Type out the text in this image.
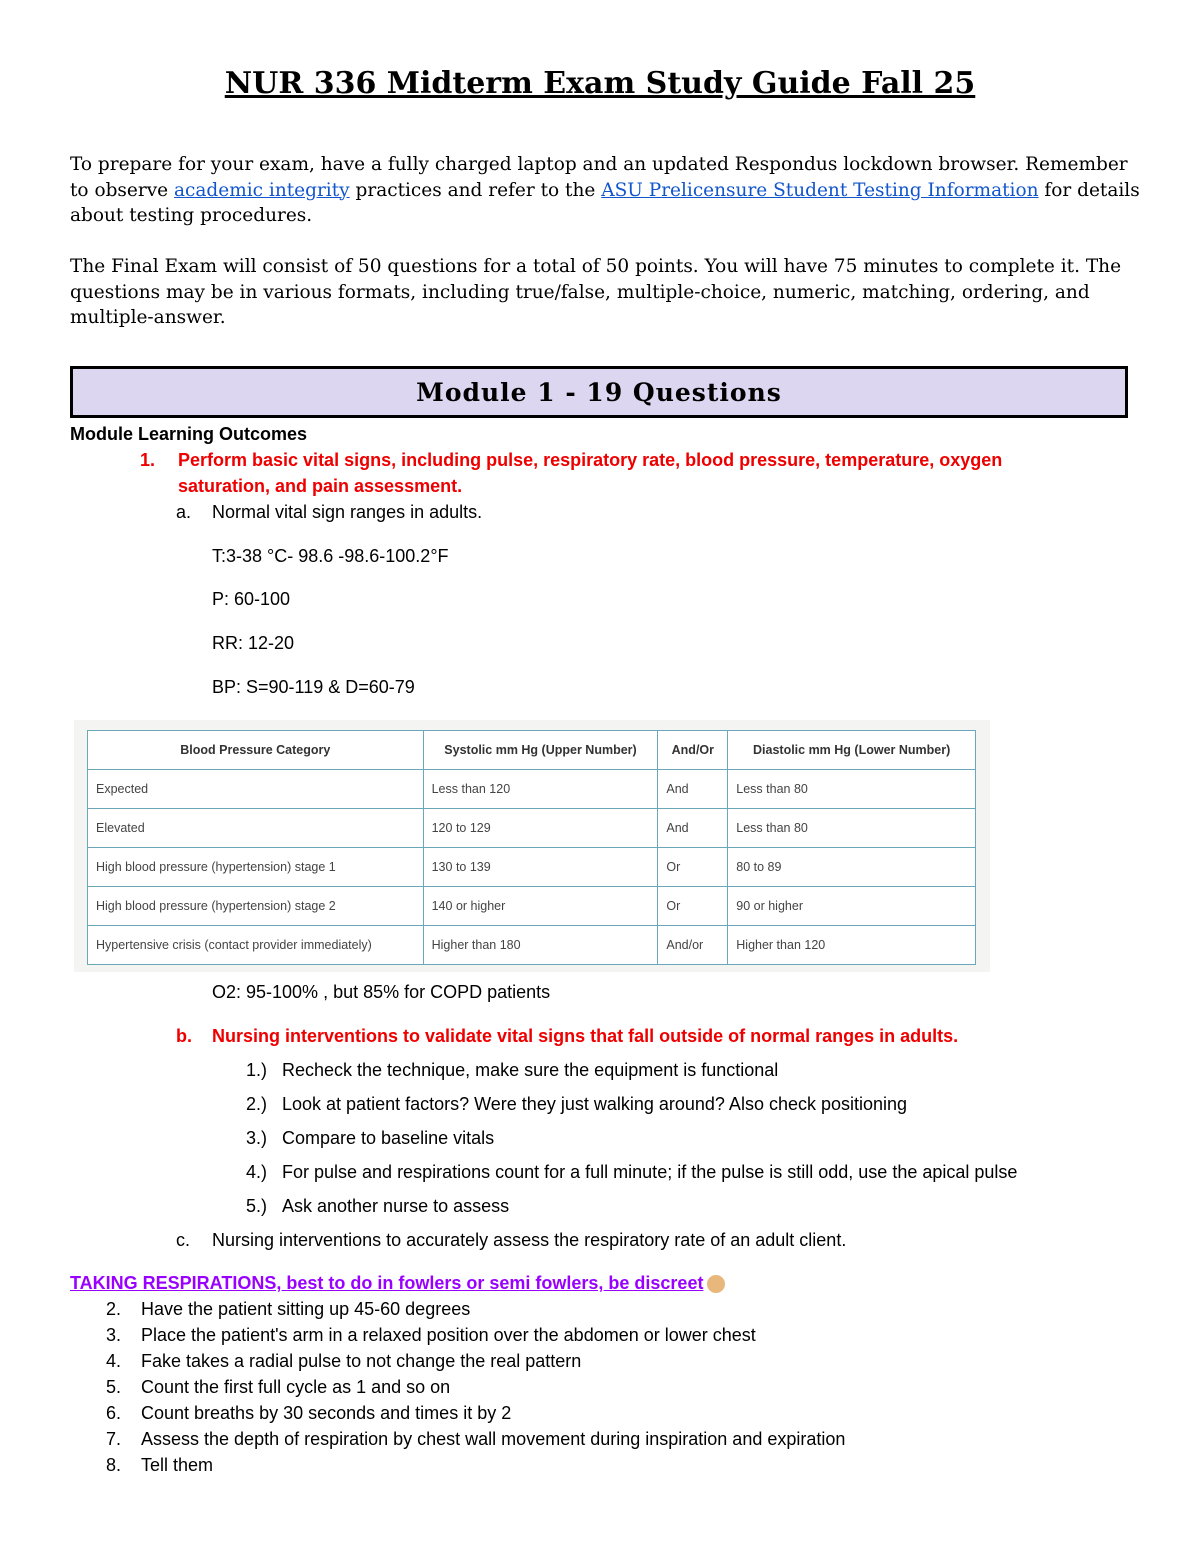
NUR 336 Midterm Exam Study Guide Fall 25
To prepare for your exam, have a fully charged laptop and an updated Respondus lockdown browser. Remember to observe academic integrity practices and refer to the ASU Prelicensure Student Testing Information for details about testing procedures.
The Final Exam will consist of 50 questions for a total of 50 points. You will have 75 minutes to complete it. The questions may be in various formats, including true/false, multiple-choice, numeric, matching, ordering, and multiple-answer.
Module 1 - 19 Questions
Module Learning Outcomes
1. Perform basic vital signs, including pulse, respiratory rate, blood pressure, temperature, oxygen
saturation, and pain assessment.
a. Normal vital sign ranges in adults.
T:3-38 °C- 98.6 -98.6-100.2°F
P: 60-100
RR: 12-20
BP: S=90-119 & D=60-79
Blood Pressure Category	Systolic mm Hg (Upper Number)	And/Or	Diastolic mm Hg (Lower Number)
Expected	Less than 120	And	Less than 80
Elevated	120 to 129	And	Less than 80
High blood pressure (hypertension) stage 1	130 to 139	Or	80 to 89
High blood pressure (hypertension) stage 2	140 or higher	Or	90 or higher
Hypertensive crisis (contact provider immediately)	Higher than 180	And/or	Higher than 120
O2: 95-100% , but 85% for COPD patients
b. Nursing interventions to validate vital signs that fall outside of normal ranges in adults.
1.) Recheck the technique, make sure the equipment is functional
2.) Look at patient factors? Were they just walking around? Also check positioning
3.) Compare to baseline vitals
4.) For pulse and respirations count for a full minute; if the pulse is still odd, use the apical pulse
5.) Ask another nurse to assess
c. Nursing interventions to accurately assess the respiratory rate of an adult client.
TAKING RESPIRATIONS, best to do in fowlers or semi fowlers, be discreet
2. Have the patient sitting up 45-60 degrees
3. Place the patient's arm in a relaxed position over the abdomen or lower chest
4. Fake takes a radial pulse to not change the real pattern
5. Count the first full cycle as 1 and so on
6. Count breaths by 30 seconds and times it by 2
7. Assess the depth of respiration by chest wall movement during inspiration and expiration
8. Tell them
